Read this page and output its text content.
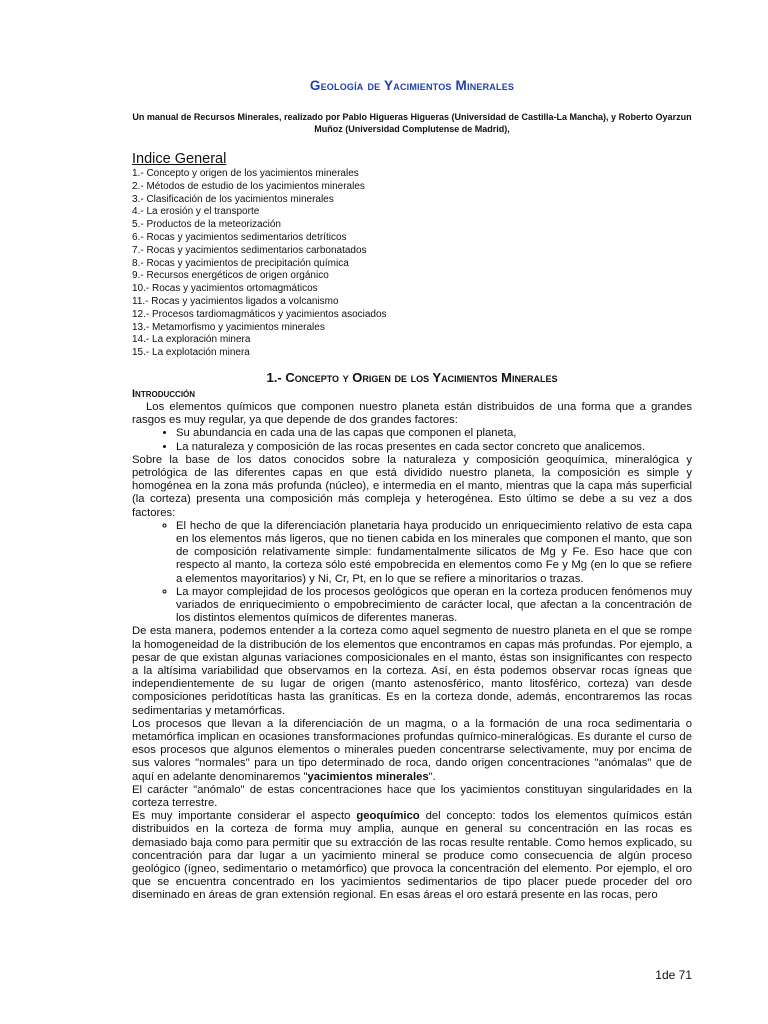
Geología de Yacimientos Minerales
Un manual de Recursos Minerales, realizado por Pablo Higueras Higueras (Universidad de Castilla-La Mancha), y Roberto Oyarzun Muñoz (Universidad Complutense de Madrid),
Indice General
1.- Concepto y origen de los yacimientos minerales
2.- Métodos de estudio de los yacimientos minerales
3.- Clasificación de los yacimientos minerales
4.- La erosión y el transporte
5.- Productos de la meteorización
6.- Rocas y yacimientos sedimentarios detríticos
7.- Rocas y yacimientos sedimentarios carbonatados
8.- Rocas y yacimientos de precipitación química
9.- Recursos energéticos de origen orgánico
10.- Rocas y yacimientos ortomagmáticos
11.- Rocas y yacimientos ligados a volcanismo
12.- Procesos tardiomagmáticos y yacimientos asociados
13.- Metamorfismo y yacimientos minerales
14.- La exploración minera
15.- La explotación minera
1.- Concepto y Origen de los Yacimientos Minerales
Introducción

Los elementos químicos que componen nuestro planeta están distribuidos de una forma que a grandes rasgos es muy regular, ya que depende de dos grandes factores:

• Su abundancia en cada una de las capas que componen el planeta,
• La naturaleza y composición de las rocas presentes en cada sector concreto que analicemos.

Sobre la base de los datos conocidos sobre la naturaleza y composición geoquímica, mineralógica y petrológica de las diferentes capas en que está dividido nuestro planeta, la composición es simple y homogénea en la zona más profunda (núcleo), e intermedia en el manto, mientras que la capa más superficial (la corteza) presenta una composición más compleja y heterogénea. Esto último se debe a su vez a dos factores:

◦ El hecho de que la diferenciación planetaria haya producido un enriquecimiento relativo de esta capa en los elementos más ligeros, que no tienen cabida en los minerales que componen el manto, que son de composición relativamente simple: fundamentalmente silicatos de Mg y Fe. Eso hace que con respecto al manto, la corteza sólo esté empobrecida en elementos como Fe y Mg (en lo que se refiere a elementos mayoritarios) y Ni, Cr, Pt, en lo que se refiere a minoritarios o trazas.
◦ La mayor complejidad de los procesos geológicos que operan en la corteza producen fenómenos muy variados de enriquecimiento o empobrecimiento de carácter local, que afectan a la concentración de los distintos elementos químicos de diferentes maneras.

De esta manera, podemos entender a la corteza como aquel segmento de nuestro planeta en el que se rompe la homogeneidad de la distribución de los elementos que encontramos en capas más profundas. Por ejemplo, a pesar de que existan algunas variaciones composicionales en el manto, éstas son insignificantes con respecto a la altísima variabilidad que observamos en la corteza. Así, en ésta podemos observar rocas ígneas que independientemente de su lugar de origen (manto astenosférico, manto litosférico, corteza) van desde composiciones peridotíticas hasta las graníticas. Es en la corteza donde, además, encontraremos las rocas sedimentarias y metamórficas.

Los procesos que llevan a la diferenciación de un magma, o a la formación de una roca sedimentaria o metamórfica implican en ocasiones transformaciones profundas químico-mineralógicas. Es durante el curso de esos procesos que algunos elementos o minerales pueden concentrarse selectivamente, muy por encima de sus valores "normales" para un tipo determinado de roca, dando origen concentraciones "anómalas" que de aquí en adelante denominaremos "yacimientos minerales".

El carácter "anómalo" de estas concentraciones hace que los yacimientos constituyan singularidades en la corteza terrestre.

Es muy importante considerar el aspecto geoquímico del concepto: todos los elementos químicos están distribuidos en la corteza de forma muy amplia, aunque en general su concentración en las rocas es demasiado baja como para permitir que su extracción de las rocas resulte rentable. Como hemos explicado, su concentración para dar lugar a un yacimiento mineral se produce como consecuencia de algún proceso geológico (ígneo, sedimentario o metamórfico) que provoca la concentración del elemento. Por ejemplo, el oro que se encuentra concentrado en los yacimientos sedimentarios de tipo placer puede proceder del oro diseminado en áreas de gran extensión regional. En esas áreas el oro estará presente en las rocas, pero

1de 71
